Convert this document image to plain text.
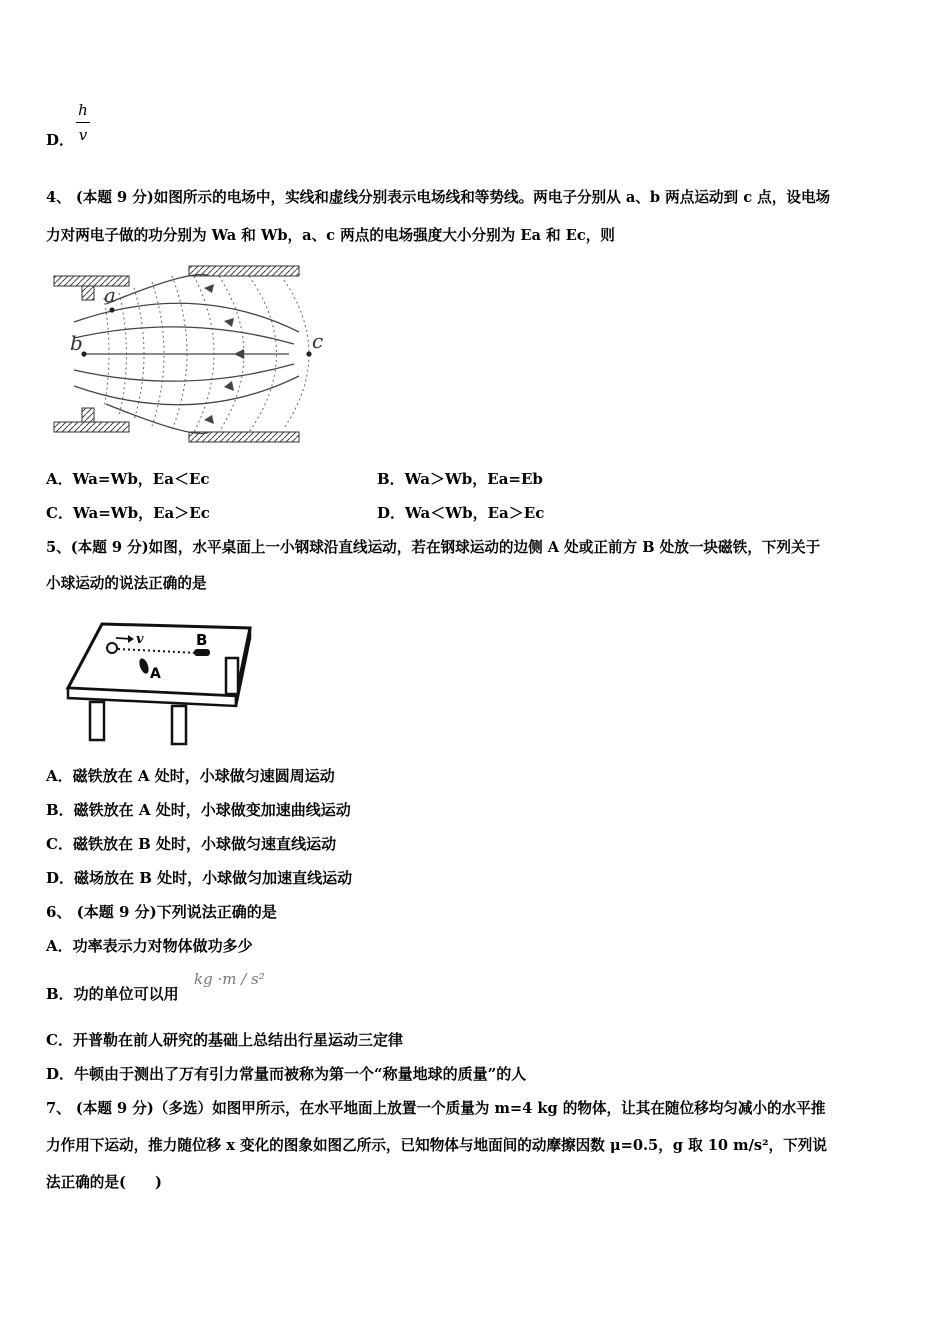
D．
h
v
4、 (本题 9 分)如图所示的电场中，实线和虚线分别表示电场线和等势线。两电子分别从 a、b 两点运动到 c 点，设电场
力对两电子做的功分别为 Wa 和 Wb，a、c 两点的电场强度大小分别为 Ea 和 Ec，则
a
b	c
A．Wa=Wb，Ea＜Ec	B．Wa＞Wb，Ea=Eb
C．Wa=Wb，Ea＞Ec	D．Wa＜Wb，Ea＞Ec
5、(本题 9 分)如图，水平桌面上一小钢球沿直线运动，若在钢球运动的边侧 A 处或正前方 B 处放一块磁铁，下列关于
小球运动的说法正确的是
v	B
A
A．磁铁放在 A 处时，小球做匀速圆周运动
B．磁铁放在 A 处时，小球做变加速曲线运动
C．磁铁放在 B 处时，小球做匀速直线运动
D．磁场放在 B 处时，小球做匀加速直线运动
6、 (本题 9 分)下列说法正确的是
A．功率表示力对物体做功多少
B．功的单位可以用
kg ·m / s²
C．开普勒在前人研究的基础上总结出行星运动三定律
D．牛顿由于测出了万有引力常量而被称为第一个“称量地球的质量”的人
7、 (本题 9 分)（多选）如图甲所示，在水平地面上放置一个质量为 m=4 kg 的物体，让其在随位移均匀减小的水平推
力作用下运动，推力随位移 x 变化的图象如图乙所示，已知物体与地面间的动摩擦因数 μ=0.5，g 取 10 m/s²，下列说
法正确的是(　　)
